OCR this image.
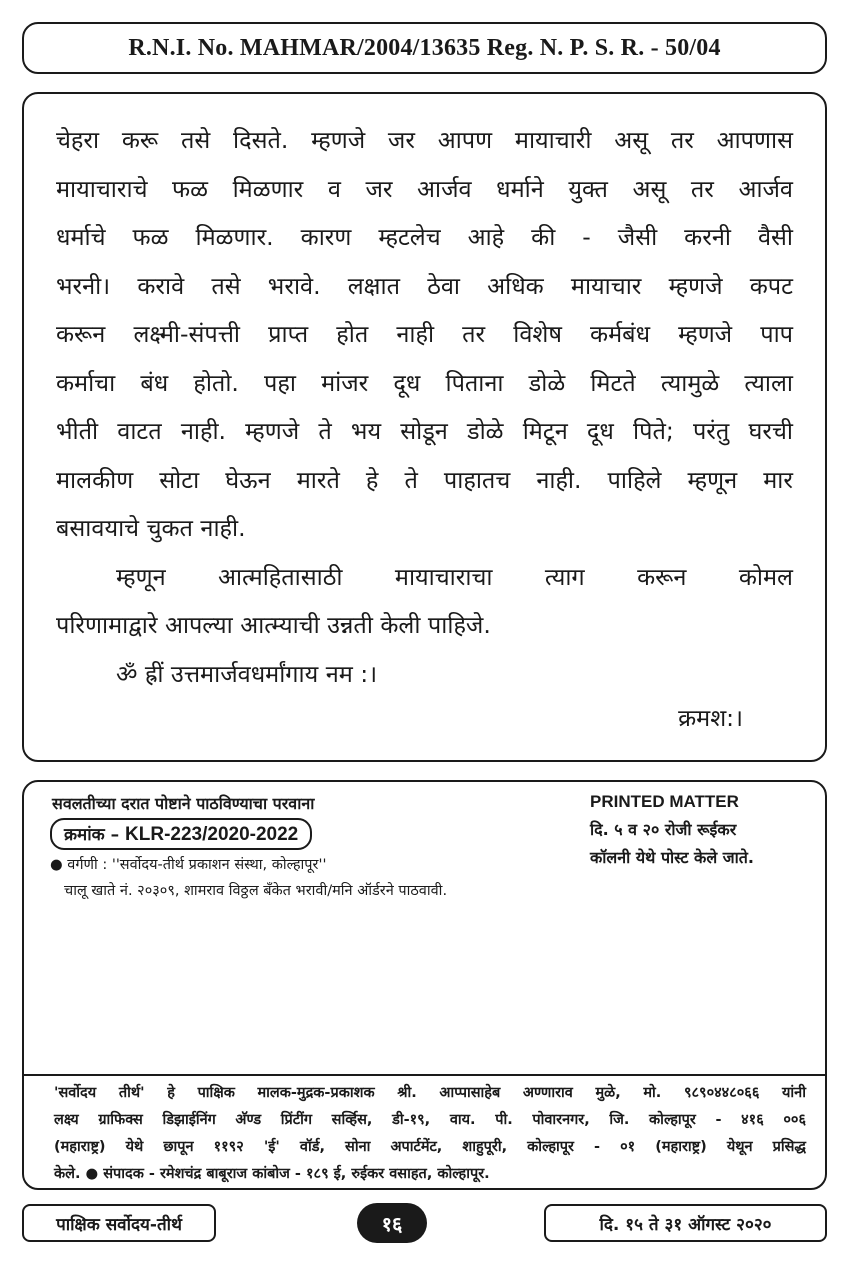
R.N.I. No. MAHMAR/2004/13635 Reg. N. P. S. R. - 50/04

चेहरा करू तसे दिसते. म्हणजे जर आपण मायाचारी असू तर आपणास
मायाचाराचे फळ मिळणार व जर आर्जव धर्माने युक्त असू तर आर्जव
धर्माचे फळ मिळणार. कारण म्हटलेच आहे की - जैसी करनी वैसी
भरनी। करावे तसे भरावे. लक्षात ठेवा अधिक मायाचार म्हणजे कपट
करून लक्ष्मी-संपत्ती प्राप्त होत नाही तर विशेष कर्मबंध म्हणजे पाप
कर्माचा बंध होतो. पहा मांजर दूध पिताना डोळे मिटते त्यामुळे त्याला
भीती वाटत नाही. म्हणजे ते भय सोडून डोळे मिटून दूध पिते; परंतु घरची
मालकीण सोटा घेऊन मारते हे ते पाहातच नाही. पाहिले म्हणून मार
बसावयाचे चुकत नाही.

म्हणून आत्महितासाठी मायाचाराचा त्याग करून कोमल
परिणामाद्वारे आपल्या आत्म्याची उन्नती केली पाहिजे.

ॐ ह्रीं उत्तमार्जवधर्मांगाय नम :।

क्रमश:।
सवलतीच्या दरात पोष्टाने पाठविण्याचा परवाना
क्रमांक – KLR-223/2020-2022
● वर्गणी : ''सर्वोदय-तीर्थ प्रकाशन संस्था, कोल्हापूर''
चालू खाते नं. २०३०९, शामराव विठ्ठल बँकेत भरावी/मनि ऑर्डरने पाठवावी.
PRINTED MATTER
दि. ५ व २० रोजी रूईकर
कॉलनी येथे पोस्ट केले जाते.
'सर्वोदय तीर्थ' हे पाक्षिक मालक-मुद्रक-प्रकाशक श्री. आप्पासाहेब अण्णाराव मुळे, मो. ९८९०४४८०६६ यांनी
लक्ष्य ग्राफिक्स डिझाईनिंग अ‍ॅण्ड प्रिंटींग सर्व्हिस, डी-१९, वाय. पी. पोवारनगर, जि. कोल्हापूर - ४१६ ००६
(महाराष्ट्र) येथे छापून ११९२ 'ई' वॉर्ड, सोना अपार्टमेंट, शाहुपूरी, कोल्हापूर - ०१ (महाराष्ट्र) येथून प्रसिद्ध
केले. ● संपादक - रमेशचंद्र बाबूराज कांबोज - १८९ ई, रुईकर वसाहत, कोल्हापूर.
पाक्षिक सर्वोदय-तीर्थ	१६	दि. १५ ते ३१ ऑगस्ट २०२०
